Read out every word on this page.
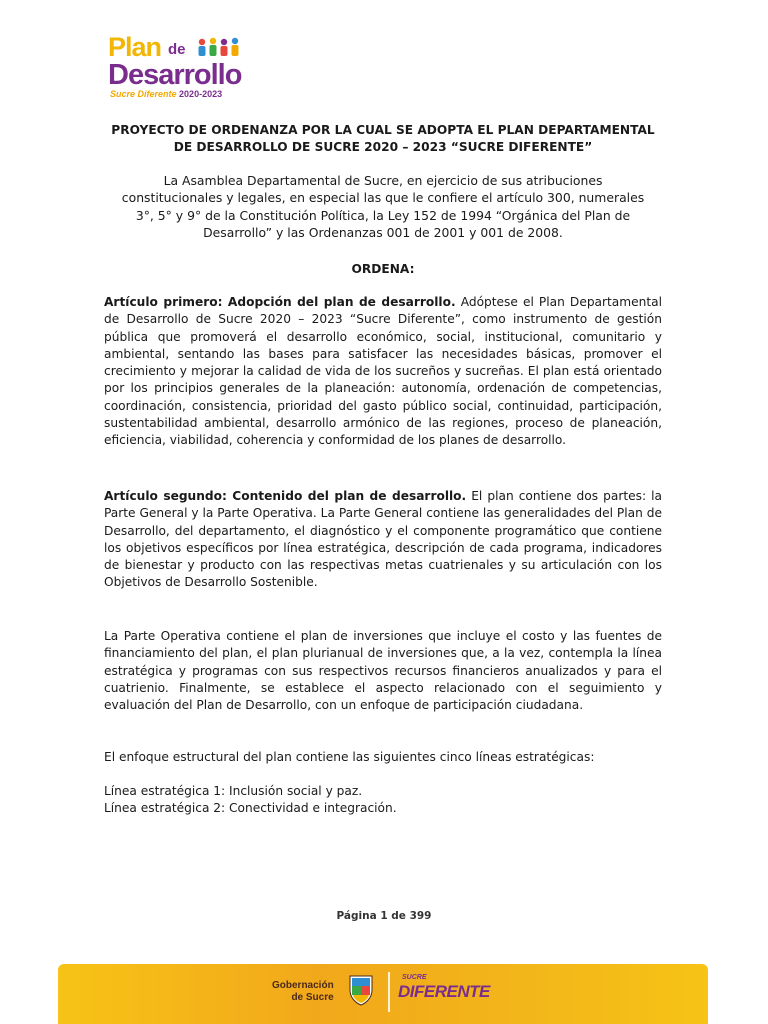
Plan de
Desarrollo
Sucre Diferente 2020-2023
PROYECTO DE ORDENANZA POR LA CUAL SE ADOPTA EL PLAN DEPARTAMENTAL
DE DESARROLLO DE SUCRE 2020 – 2023 “SUCRE DIFERENTE”

La Asamblea Departamental de Sucre, en ejercicio de sus atribuciones constitucionales y legales, en especial las que le confiere el artículo 300, numerales 3°, 5° y 9° de la Constitución Política, la Ley 152 de 1994 “Orgánica del Plan de Desarrollo” y las Ordenanzas 001 de 2001 y 001 de 2008.

ORDENA:

Artículo primero: Adopción del plan de desarrollo. Adóptese el Plan Departamental de Desarrollo de Sucre 2020 – 2023 “Sucre Diferente”, como instrumento de gestión pública que promoverá el desarrollo económico, social, institucional, comunitario y ambiental, sentando las bases para satisfacer las necesidades básicas, promover el crecimiento y mejorar la calidad de vida de los sucreños y sucreñas. El plan está orientado por los principios generales de la planeación: autonomía, ordenación de competencias, coordinación, consistencia, prioridad del gasto público social, continuidad, participación, sustentabilidad ambiental, desarrollo armónico de las regiones, proceso de planeación, eficiencia, viabilidad, coherencia y conformidad de los planes de desarrollo.

Artículo segundo: Contenido del plan de desarrollo. El plan contiene dos partes: la Parte General y la Parte Operativa. La Parte General contiene las generalidades del Plan de Desarrollo, del departamento, el diagnóstico y el componente programático que contiene los objetivos específicos por línea estratégica, descripción de cada programa, indicadores de bienestar y producto con las respectivas metas cuatrienales y su articulación con los Objetivos de Desarrollo Sostenible.

La Parte Operativa contiene el plan de inversiones que incluye el costo y las fuentes de financiamiento del plan, el plan plurianual de inversiones que, a la vez, contempla la línea estratégica y programas con sus respectivos recursos financieros anualizados y para el cuatrienio. Finalmente, se establece el aspecto relacionado con el seguimiento y evaluación del Plan de Desarrollo, con un enfoque de participación ciudadana.

El enfoque estructural del plan contiene las siguientes cinco líneas estratégicas:

Línea estratégica 1: Inclusión social y paz.
Línea estratégica 2: Conectividad e integración.
Página 1 de 399
Gobernación
de Sucre
SUCRE
DIFERENTE
